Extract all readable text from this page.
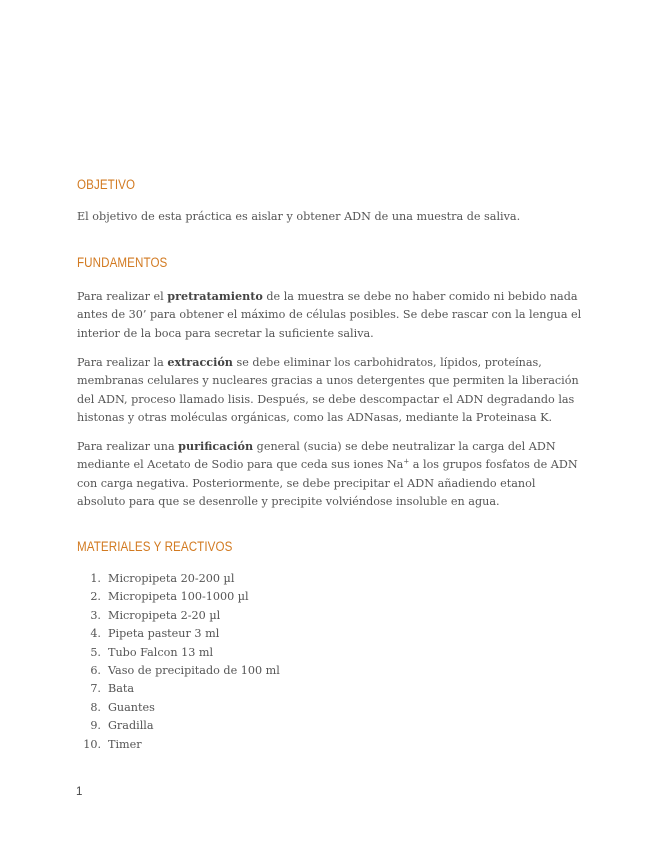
OBJETIVO

El objetivo de esta práctica es aislar y obtener ADN de una muestra de saliva.

FUNDAMENTOS

Para realizar el pretratamiento de la muestra se debe no haber comido ni bebido nada antes de 30’ para obtener el máximo de células posibles. Se debe rascar con la lengua el interior de la boca para secretar la suficiente saliva.

Para realizar la extracción se debe eliminar los carbohidratos, lípidos, proteínas, membranas celulares y nucleares gracias a unos detergentes que permiten la liberación del ADN, proceso llamado lisis. Después, se debe descompactar el ADN degradando las histonas y otras moléculas orgánicas, como las ADNasas, mediante la Proteinasa K.

Para realizar una purificación general (sucia) se debe neutralizar la carga del ADN mediante el Acetato de Sodio para que ceda sus iones Na+ a los grupos fosfatos de ADN con carga negativa. Posteriormente, se debe precipitar el ADN añadiendo etanol absoluto para que se desenrolle y precipite volviéndose insoluble en agua.

MATERIALES Y REACTIVOS
1. Micropipeta 20-200 µl
2. Micropipeta 100-1000 µl
3. Micropipeta 2-20 µl
4. Pipeta pasteur 3 ml
5. Tubo Falcon 13 ml
6. Vaso de precipitado de 100 ml
7. Bata
8. Guantes
9. Gradilla
10. Timer

1
